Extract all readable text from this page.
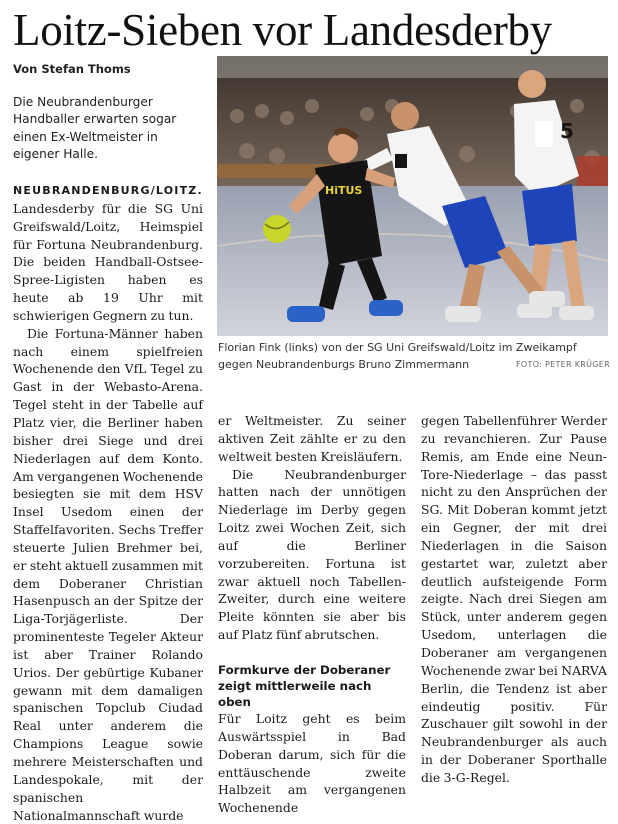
Loitz-Sieben vor Landesderby
Von Stefan Thoms

Die Neubrandenburger Handballer erwarten sogar einen Ex-Weltmeister in eigener Halle.

NEUBRANDENBURG/LOITZ. Landesderby für die SG Uni Greifswald/Loitz, Heimspiel für Fortuna Neubrandenburg. Die beiden Handball-Ostsee-Spree-Ligisten haben es heute ab 19 Uhr mit schwierigen Gegnern zu tun.

Die Fortuna-Männer haben nach einem spielfreien Wochenende den VfL Tegel zu Gast in der Webasto-Arena. Tegel steht in der Tabelle auf Platz vier, die Berliner haben bisher drei Siege und drei Niederlagen auf dem Konto. Am vergangenen Wochenende besiegten sie mit dem HSV Insel Usedom einen der Staffelfavoriten. Sechs Treffer steuerte Julien Brehmer bei, er steht aktuell zusammen mit dem Doberaner Christian Hasenpusch an der Spitze der Liga-Torjägerliste. Der prominenteste Tegeler Akteur ist aber Trainer Rolando Urios. Der gebürtige Kubaner gewann mit dem damaligen spanischen Topclub Ciudad Real unter anderem die Champions League sowie mehrere Meisterschaften und Landespokale, mit der spanischen Nationalmannschaft wurde

er Weltmeister. Zu seiner aktiven Zeit zählte er zu den weltweit besten Kreisläufern.

Die Neubrandenburger hatten nach der unnötigen Niederlage im Derby gegen Loitz zwei Wochen Zeit, sich auf die Berliner vorzubereiten. Fortuna ist zwar aktuell noch Tabellen-Zweiter, durch eine weitere Pleite könnten sie aber bis auf Platz fünf abrutschen.

Formkurve der Doberaner zeigt mittlerweile nach oben

Für Loitz geht es beim Auswärtsspiel in Bad Doberan darum, sich für die enttäuschende zweite Halbzeit am vergangenen Wochenende

gegen Tabellenführer Werder zu revanchieren. Zur Pause Remis, am Ende eine Neun-Tore-Niederlage – das passt nicht zu den Ansprüchen der SG. Mit Doberan kommt jetzt ein Gegner, der mit drei Niederlagen in die Saison gestartet war, zuletzt aber deutlich aufsteigende Form zeigte. Nach drei Siegen am Stück, unter anderem gegen Usedom, unterlagen die Doberaner am vergangenen Wochenende zwar bei NARVA Berlin, die Tendenz ist aber eindeutig positiv. Für Zuschauer gilt sowohl in der Neubrandenburger als auch in der Doberaner Sporthalle die 3-G-Regel.

5
HiTUS
Florian Fink (links) von der SG Uni Greifswald/Loitz im Zweikampf gegen Neubrandenburgs Bruno Zimmermann	FOTO: PETER KRÜGER
